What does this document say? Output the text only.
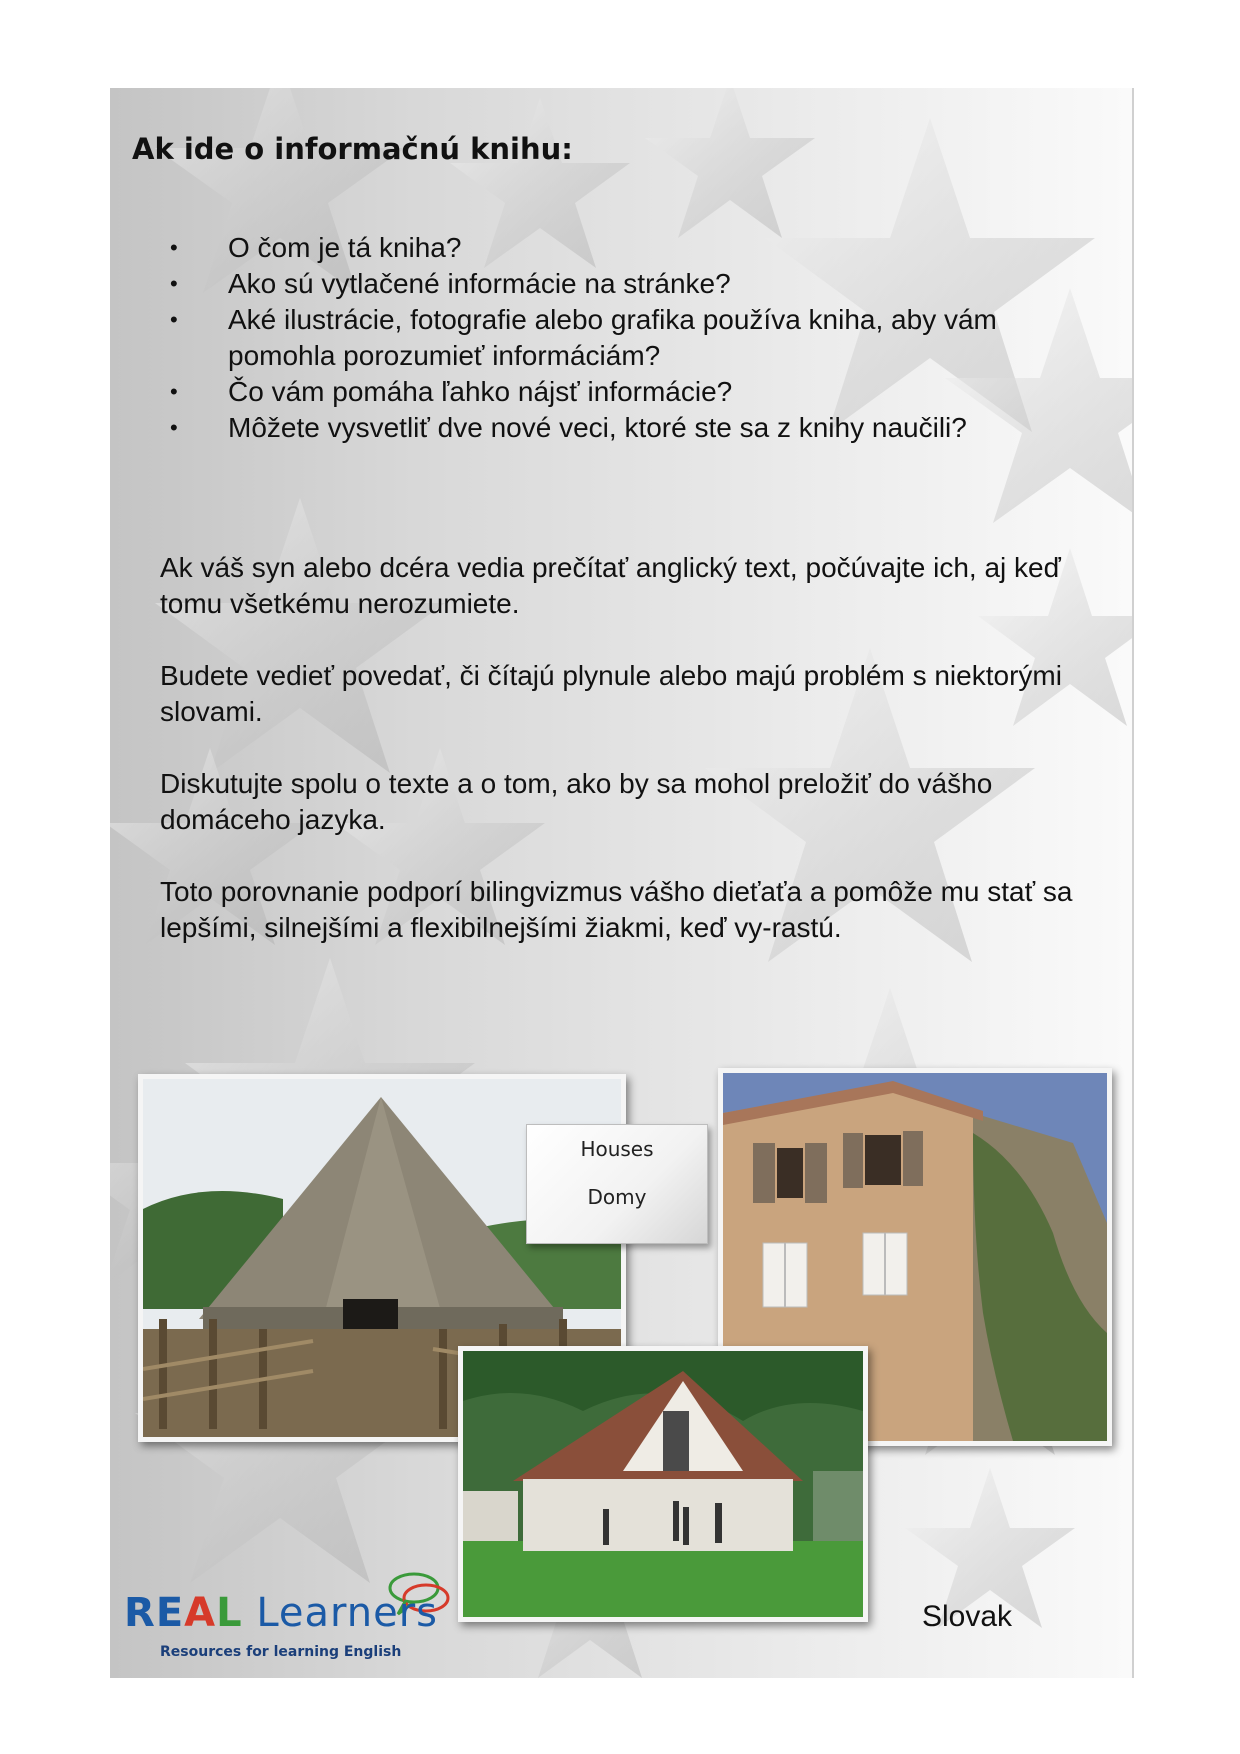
Ak ide o informačnú knihu:
• O čom je tá kniha?
• Ako sú vytlačené informácie na stránke?
• Aké ilustrácie, fotografie alebo grafika používa kniha, aby vám pomohla porozumieť informáciám?
• Čo vám pomáha ľahko nájsť informácie?
• Môžete vysvetliť dve nové veci, ktoré ste sa z knihy naučili?

Ak váš syn alebo dcéra vedia prečítať anglický text, počúvajte ich, aj keď tomu všetkému nerozumiete.

Budete vedieť povedať, či čítajú plynule alebo majú problém s niektorými slovami.

Diskutujte spolu o texte a o tom, ako by sa mohol preložiť do vášho domáceho jazyka.

Toto porovnanie podporí bilingvizmus vášho dieťaťa a pomôže mu stať sa lepšími, silnejšími a flexibilnejšími žiakmi, keď vy-rastú.

Houses
Domy
REAL Learners
Resources for learning English
Slovak
